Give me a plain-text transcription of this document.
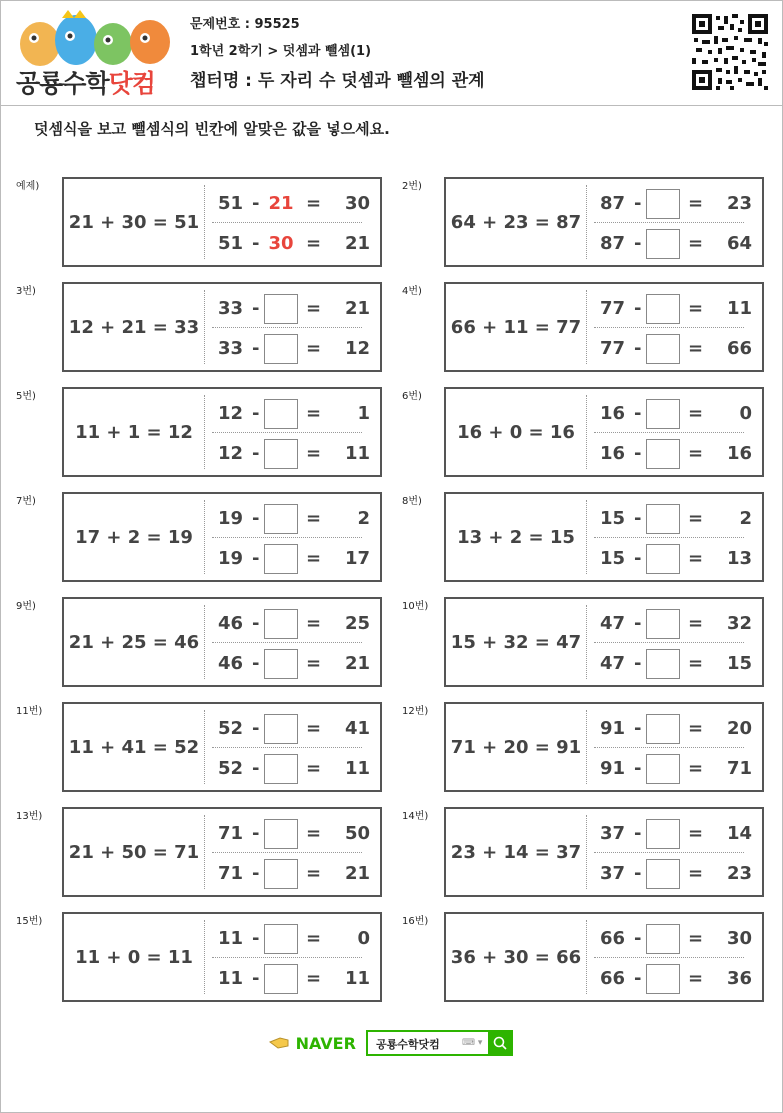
공룡수학닷컴
문제번호 : 95525
1학년 2학기 > 덧셈과 뺄셈(1)
챕터명 : 두 자리 수 덧셈과 뺄셈의 관계
덧셈식을 보고 뺄셈식의 빈칸에 알맞은 값을 넣으세요.
예제)
21 + 30 = 51
51 - 21 =	30
51 - 30 =	21
2번)
64 + 23 = 87
87 -	=	23
87 -	=	64
3번)
12 + 21 = 33
33 -	=	21
33 -	=	12
4번)
66 + 11 = 77
77 -	=	11
77 -	=	66
5번)
11 + 1 = 12
12 -	=	1
12 -	=	11
6번)
16 + 0 = 16
16 -	=	0
16 -	=	16
7번)
17 + 2 = 19
19 -	=	2
19 -	=	17
8번)
13 + 2 = 15
15 -	=	2
15 -	=	13
9번)
21 + 25 = 46
46 -	=	25
46 -	=	21
10번)
15 + 32 = 47
47 -	=	32
47 -	=	15
11번)
11 + 41 = 52
52 -	=	41
52 -	=	11
12번)
71 + 20 = 91
91 -	=	20
91 -	=	71
13번)
21 + 50 = 71
71 -	=	50
71 -	=	21
14번)
23 + 14 = 37
37 -	=	14
37 -	=	23
15번)
11 + 0 = 11
11 -	=	0
11 -	=	11
16번)
36 + 30 = 66
66 -	=	30
66 -	=	36
NAVER 공룡수학닷컴 ⌨ ▾
